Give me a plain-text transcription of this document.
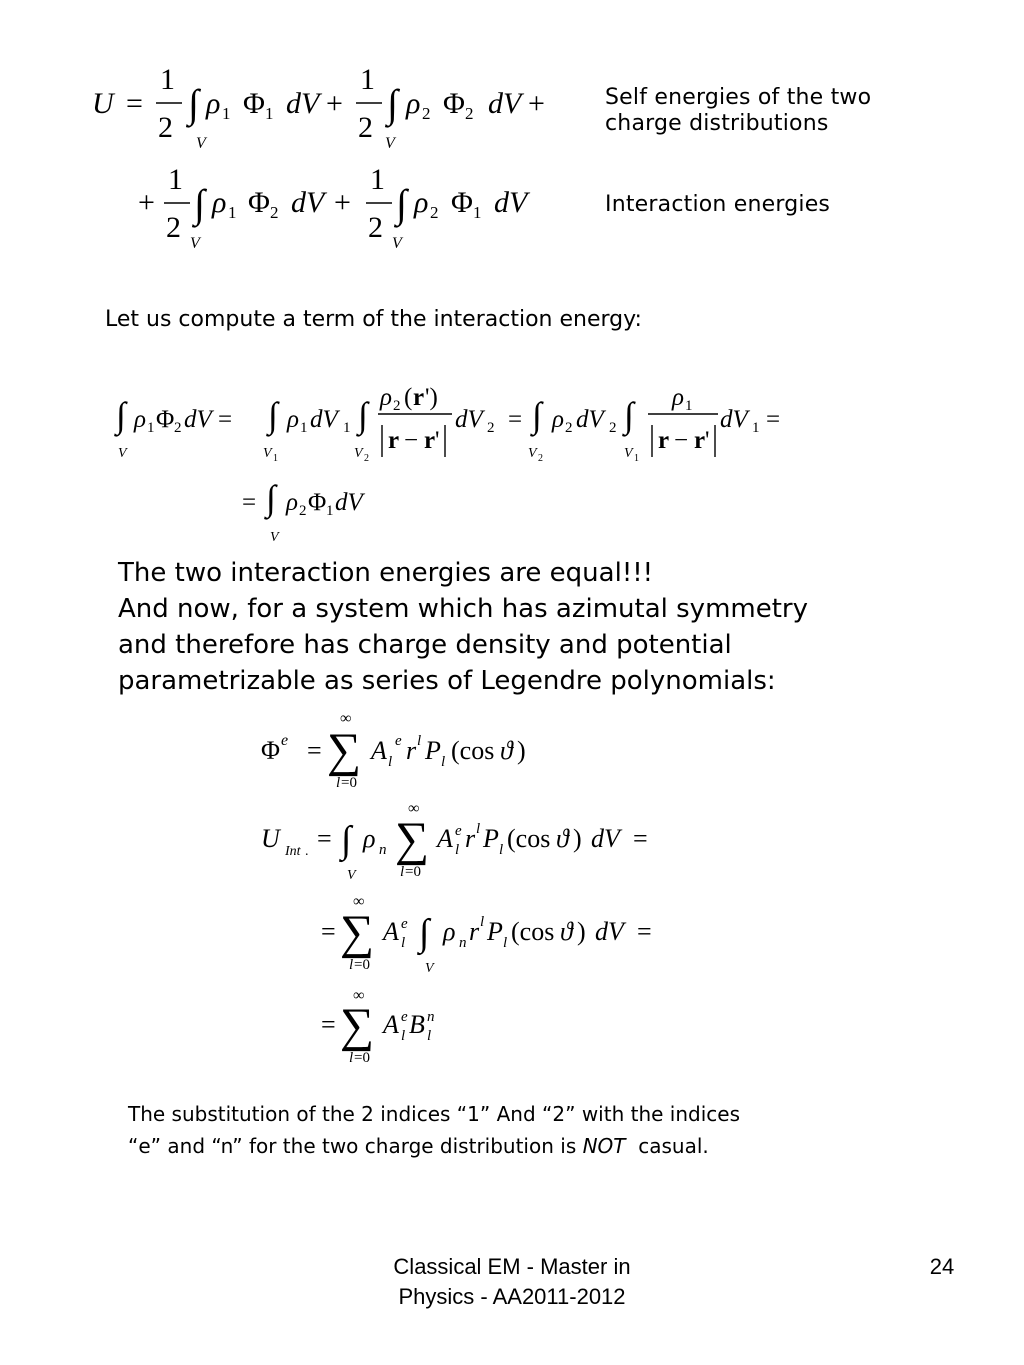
U =
1
2
∫
V
ρ 1 Φ 1 dV +
1
2
∫
V
ρ 2 Φ 2 dV +
+
1
2
∫
V
ρ 1 Φ 2 dV +
1
2
∫
V
ρ 2 Φ 1 dV
Self energies of the two charge distributions
Interaction energies
Let us compute a term of the interaction energy:
∫
V
ρ 1 Φ 2 dV = ∫
V 1
ρ 1 dV 1 ∫
V 2
ρ 2 ( r ')
r − r '
dV 2 = ∫
V 2
ρ 2 dV 2 ∫
V 1
ρ 1
r − r '
dV 1 =
= ∫
V
ρ 2 Φ 1 dV
The two interaction energies are equal!!!
And now, for a system which has azimutal symmetry
and therefore has charge density and potential
parametrizable as series of Legendre polynomials:
Φ e =
∞
∑
l =0
A l
e r l P l (cos ϑ )
U Int . = ∫
V
ρ n
∞
∑
l =0
A e
l r l P l (cos ϑ ) dV =
=
∞
∑
l =0
A e
l ∫
V
ρ n r l P l (cos ϑ ) dV =
=
∞
∑
l =0
A e
l B n
l
The substitution of the 2 indices “1” And “2” with the indices
“e” and “n” for the two charge distribution is NOT  casual.
Classical EM - Master in
Physics - AA2011-2012
24
